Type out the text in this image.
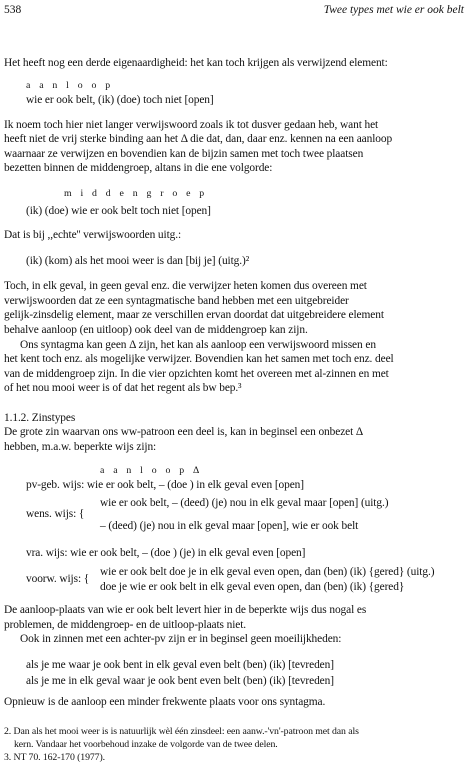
538	Twee types met wie er ook belt
Het heeft nog een derde eigenaardigheid: het kan toch krijgen als verwijzend element:
a a n l o o p
wie er ook belt, (ik) (doe) toch niet [open]
Ik noem toch hier niet langer verwijswoord zoals ik tot dusver gedaan heb, want het
heeft niet de vrij sterke binding aan het Δ die dat, dan, daar enz. kennen na een aanloop
waarnaar ze verwijzen en bovendien kan de bijzin samen met toch twee plaatsen
bezetten binnen de middengroep, altans in die ene volgorde:
m i d d e n g r o e p
(ik) (doe) wie er ook belt toch niet [open]
Dat is bij ,,echte'' verwijswoorden uitg.:
(ik) (kom) als het mooi weer is dan [bij je] (uitg.)²
Toch, in elk geval, in geen geval enz. die verwijzer heten komen dus overeen met
verwijswoorden dat ze een syntagmatische band hebben met een uitgebreider
gelijk-zinsdelig element, maar ze verschillen ervan doordat dat uitgebreidere element
behalve aanloop (en uitloop) ook deel van de middengroep kan zijn.
Ons syntagma kan geen Δ zijn, het kan als aanloop een verwijswoord missen en
het kent toch enz. als mogelijke verwijzer. Bovendien kan het samen met toch enz. deel
van de middengroep zijn. In die vier opzichten komt het overeen met al-zinnen en met
of het nou mooi weer is of dat het regent als bw bep.³
1.1.2. Zinstypes
De grote zin waarvan ons ww-patroon een deel is, kan in beginsel een onbezet Δ
hebben, m.a.w. beperkte wijs zijn:
a a n l o o p Δ
pv-geb. wijs: wie er ook belt, – (doe ) in elk geval even [open]
wie er ook belt, – (deed) (je) nou in elk geval maar [open] (uitg.)
wens. wijs: {
– (deed) (je) nou in elk geval maar [open], wie er ook belt
vra. wijs: wie er ook belt, – (doe ) (je) in elk geval even [open]
wie er ook belt doe je in elk geval even open, dan (ben) (ik) {gered} (uitg.)
voorw. wijs: {
doe je wie er ook belt in elk geval even open, dan (ben) (ik) {gered}
De aanloop-plaats van wie er ook belt levert hier in de beperkte wijs dus nogal es
problemen, de middengroep- en de uitloop-plaats niet.
Ook in zinnen met een achter-pv zijn er in beginsel geen moeilijkheden:
als je me waar je ook bent in elk geval even belt (ben) (ik) [tevreden]
als je me in elk geval waar je ook bent even belt (ben) (ik) [tevreden]
Opnieuw is de aanloop een minder frekwente plaats voor ons syntagma.
2. Dan als het mooi weer is is natuurlijk wèl één zinsdeel: een aanw.-'vn'-patroon met dan als
kern. Vandaar het voorbehoud inzake de volgorde van de twee delen.
3. NT 70. 162-170 (1977).
